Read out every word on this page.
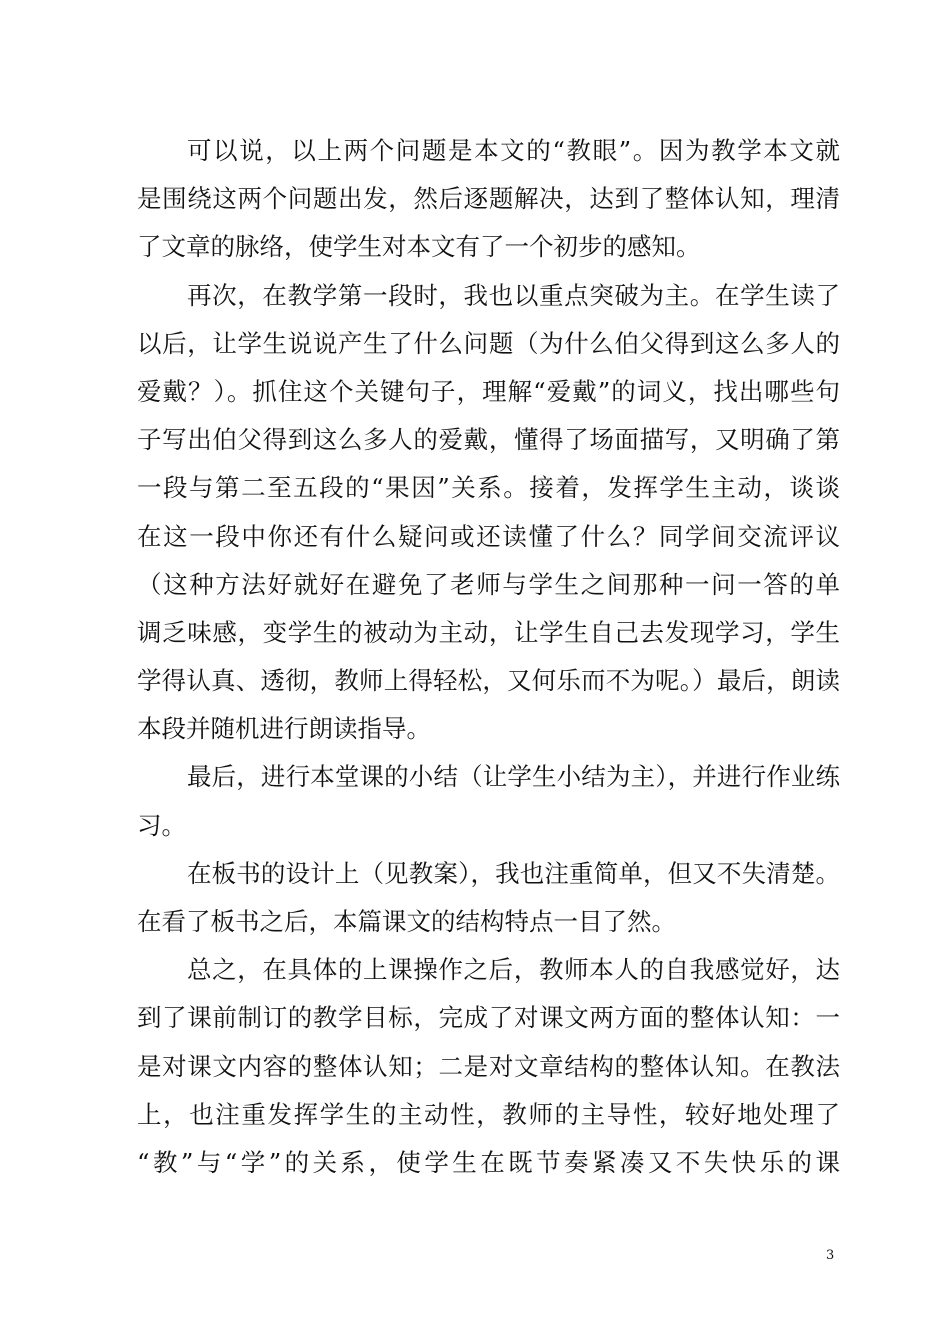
可以说，以上两个问题是本文的“教眼”。因为教学本文就
是围绕这两个问题出发，然后逐题解决，达到了整体认知，理清
了文章的脉络，使学生对本文有了一个初步的感知。
再次，在教学第一段时，我也以重点突破为主。在学生读了
以后，让学生说说产生了什么问题（为什么伯父得到这么多人的
爱戴？）。抓住这个关键句子，理解“爱戴”的词义，找出哪些句
子写出伯父得到这么多人的爱戴，懂得了场面描写，又明确了第
一段与第二至五段的“果因”关系。接着，发挥学生主动，谈谈
在这一段中你还有什么疑问或还读懂了什么？同学间交流评议
（这种方法好就好在避免了老师与学生之间那种一问一答的单
调乏味感，变学生的被动为主动，让学生自己去发现学习，学生
学得认真、透彻，教师上得轻松，又何乐而不为呢。）最后，朗读
本段并随机进行朗读指导。
最后，进行本堂课的小结（让学生小结为主），并进行作业练
习。
在板书的设计上（见教案），我也注重简单，但又不失清楚。
在看了板书之后，本篇课文的结构特点一目了然。
总之，在具体的上课操作之后，教师本人的自我感觉好，达
到了课前制订的教学目标，完成了对课文两方面的整体认知：一
是对课文内容的整体认知；二是对文章结构的整体认知。在教法
上，也注重发挥学生的主动性，教师的主导性，较好地处理了
“教”与“学”的关系，使学生在既节奏紧凑又不失快乐的课
3
